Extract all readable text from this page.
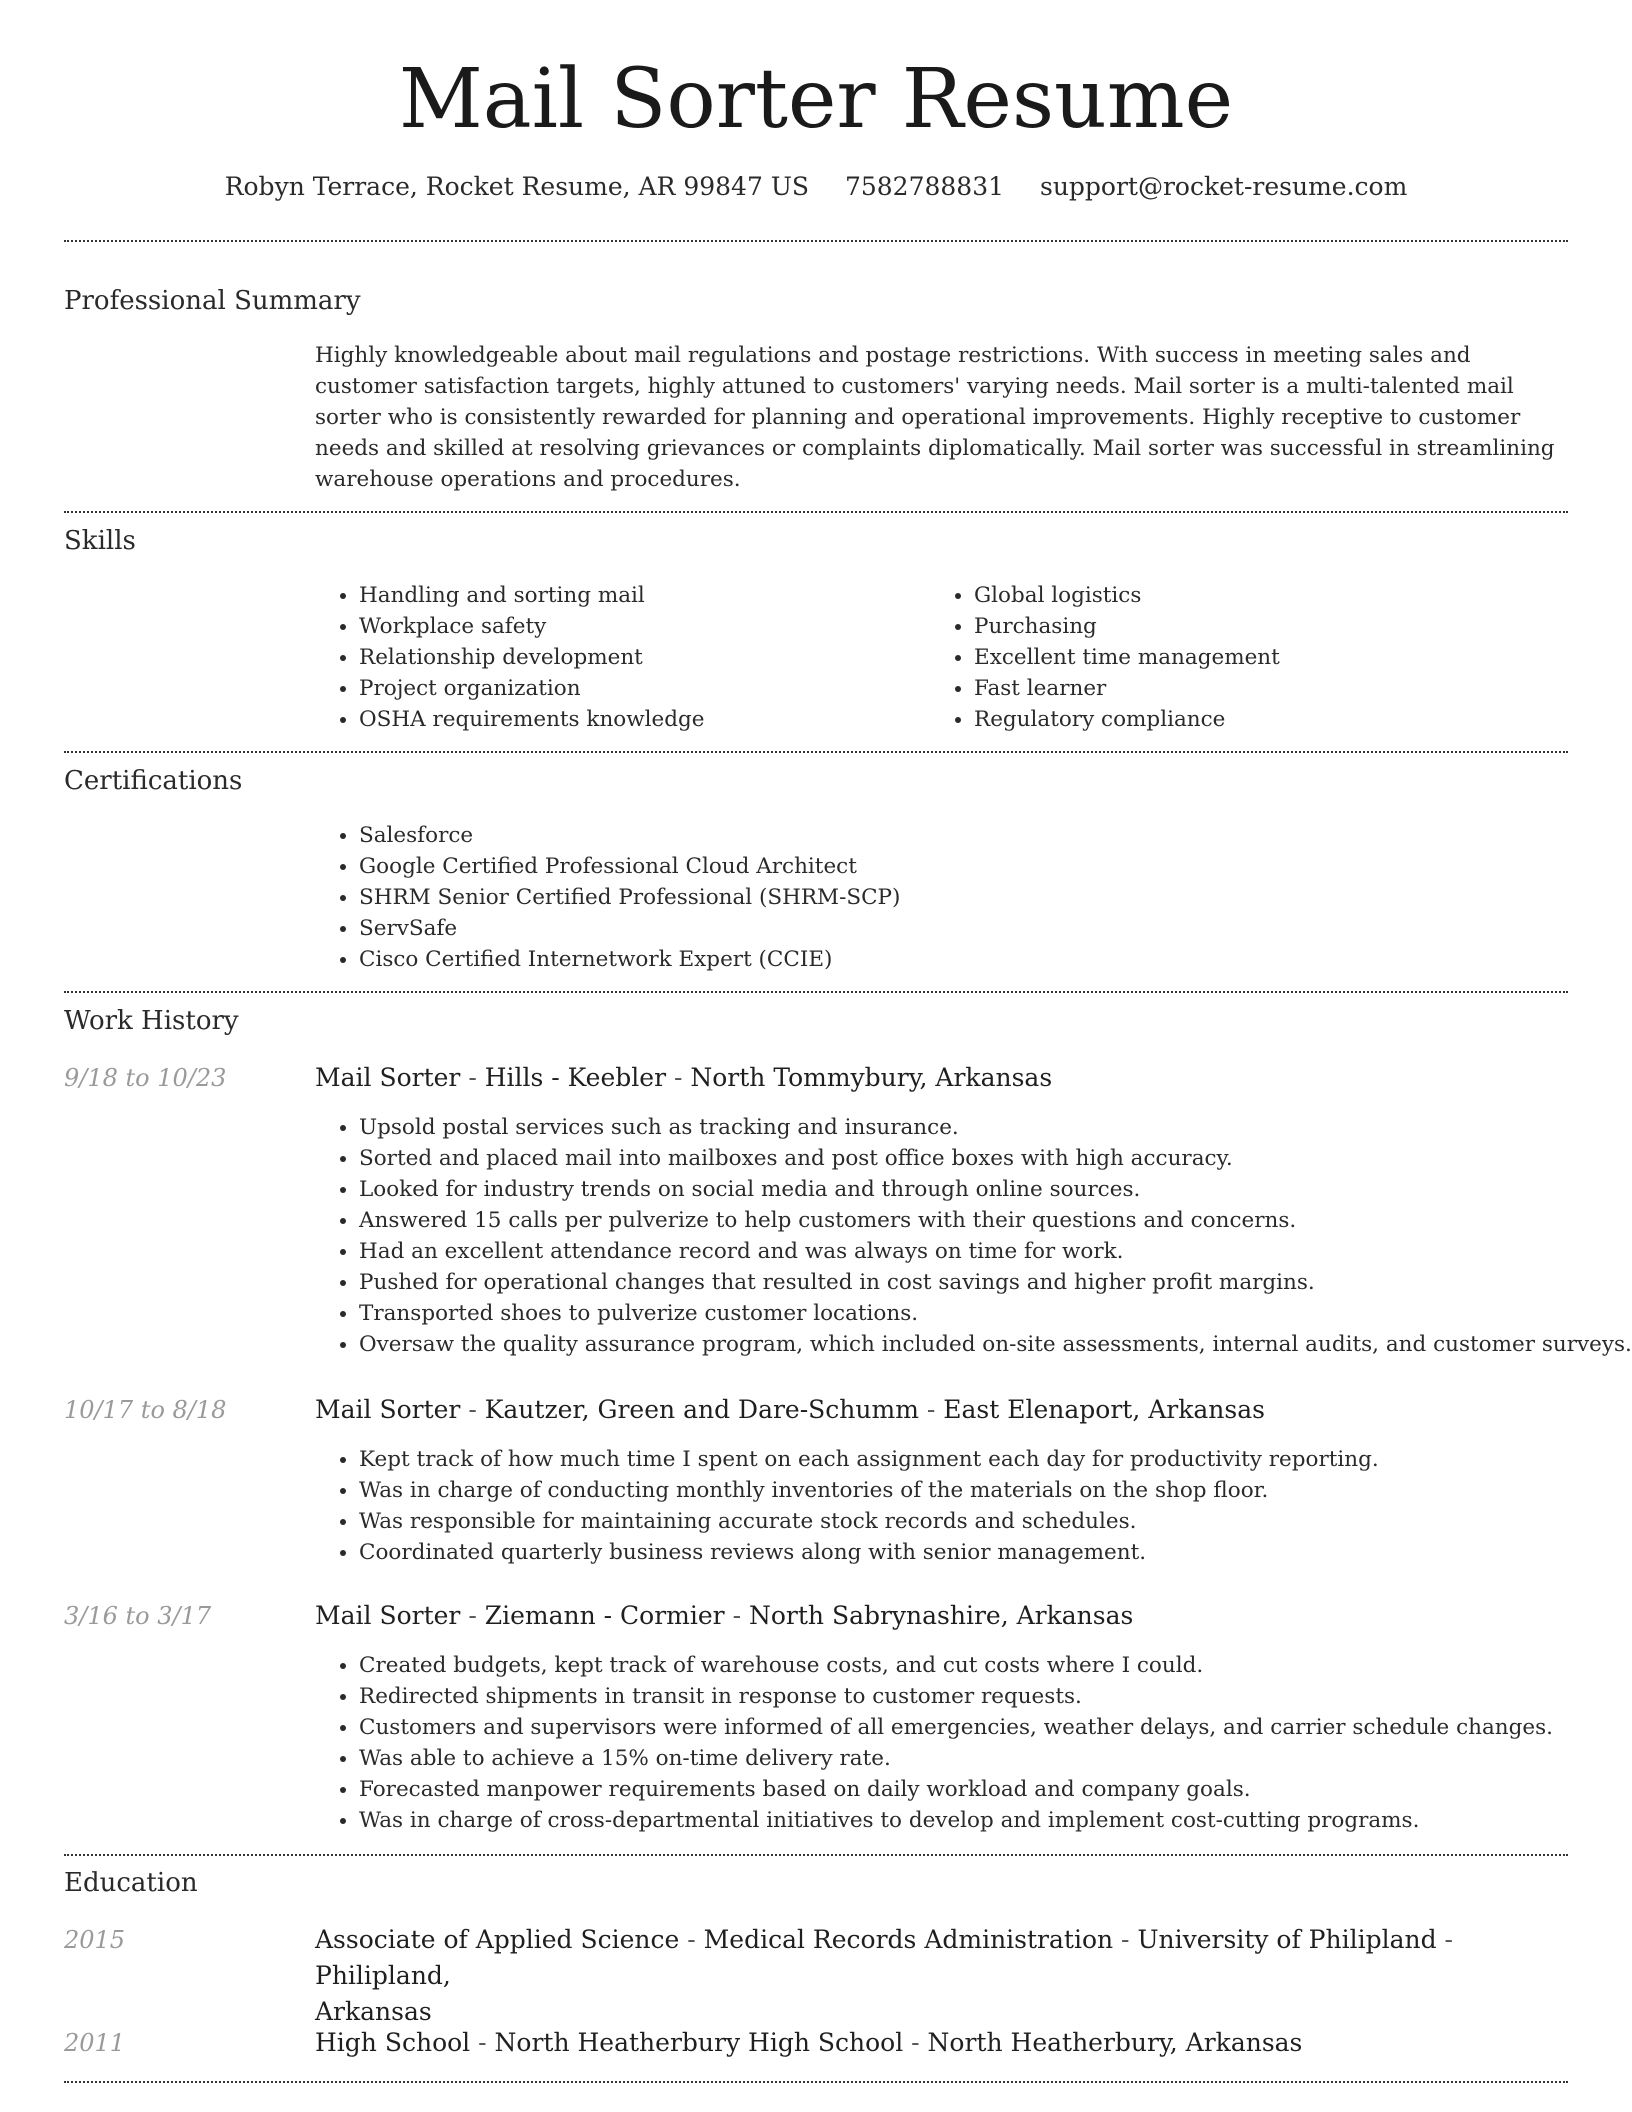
Mail Sorter Resume
Robyn Terrace, Rocket Resume, AR 99847 US 7582788831 support@rocket-resume.com
Professional Summary

Highly knowledgeable about mail regulations and postage restrictions. With success in meeting sales and customer satisfaction targets, highly attuned to customers' varying needs. Mail sorter is a multi-talented mail sorter who is consistently rewarded for planning and operational improvements. Highly receptive to customer needs and skilled at resolving grievances or complaints diplomatically. Mail sorter was successful in streamlining warehouse operations and procedures.

Skills
• Handling and sorting mail
• Workplace safety
• Relationship development
• Project organization
• OSHA requirements knowledge
• Global logistics
• Purchasing
• Excellent time management
• Fast learner
• Regulatory compliance
Certifications
• Salesforce
• Google Certified Professional Cloud Architect
• SHRM Senior Certified Professional (SHRM-SCP)
• ServSafe
• Cisco Certified Internetwork Expert (CCIE)
Work History
9/18 to 10/23	Mail Sorter - Hills - Keebler - North Tommybury, Arkansas
• Upsold postal services such as tracking and insurance.
• Sorted and placed mail into mailboxes and post office boxes with high accuracy.
• Looked for industry trends on social media and through online sources.
• Answered 15 calls per pulverize to help customers with their questions and concerns.
• Had an excellent attendance record and was always on time for work.
• Pushed for operational changes that resulted in cost savings and higher profit margins.
• Transported shoes to pulverize customer locations.
• Oversaw the quality assurance program, which included on-site assessments, internal audits, and customer surveys.
10/17 to 8/18	Mail Sorter - Kautzer, Green and Dare-Schumm - East Elenaport, Arkansas
• Kept track of how much time I spent on each assignment each day for productivity reporting.
• Was in charge of conducting monthly inventories of the materials on the shop floor.
• Was responsible for maintaining accurate stock records and schedules.
• Coordinated quarterly business reviews along with senior management.
3/16 to 3/17	Mail Sorter - Ziemann - Cormier - North Sabrynashire, Arkansas
• Created budgets, kept track of warehouse costs, and cut costs where I could.
• Redirected shipments in transit in response to customer requests.
• Customers and supervisors were informed of all emergencies, weather delays, and carrier schedule changes.
• Was able to achieve a 15% on-time delivery rate.
• Forecasted manpower requirements based on daily workload and company goals.
• Was in charge of cross-departmental initiatives to develop and implement cost-cutting programs.
Education
2015	Associate of Applied Science - Medical Records Administration - University of Philipland - Philipland,
Arkansas
2011	High School - North Heatherbury High School - North Heatherbury, Arkansas
